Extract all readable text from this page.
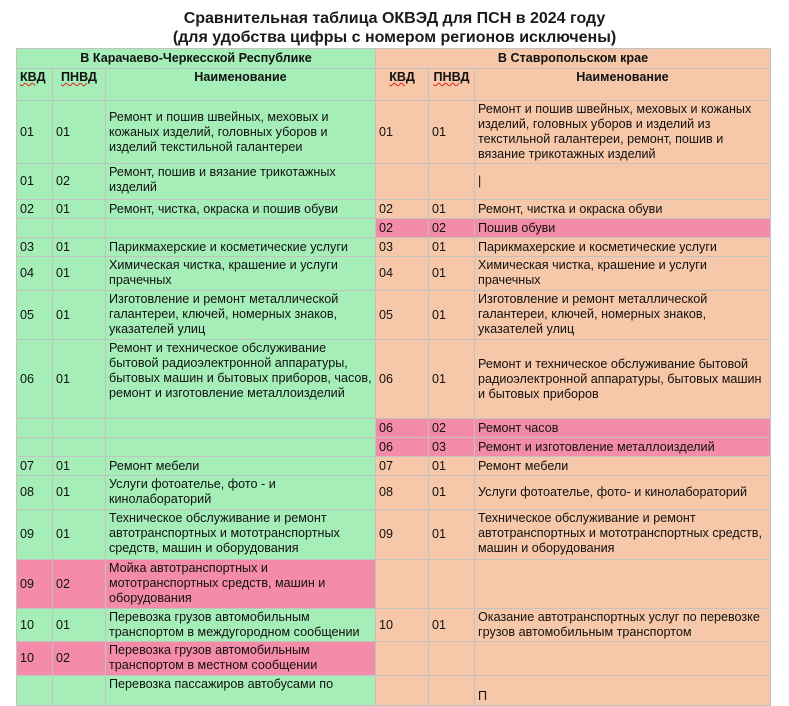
Сравнительная таблица ОКВЭД для ПСН в 2024 году
(для удобства цифры с номером регионов исключены)
В Карачаево-Черкесской Республике			В Ставропольском крае		
КВД	ПНВД	Наименование	КВД	ПНВД	Наименование
01	01	Ремонт и пошив швейных, меховых и кожаных изделий, головных уборов и изделий текстильной галантереи	01	01	Ремонт и пошив швейных, меховых и кожаных изделий, головных уборов и изделий из текстильной галантереи, ремонт, пошив и вязание трикотажных изделий
01	02	Ремонт, пошив и вязание трикотажных изделий			|
02	01	Ремонт, чистка, окраска и пошив обуви	02	01	Ремонт, чистка и окраска обуви
			02	02	Пошив обуви
03	01	Парикмахерские и косметические услуги	03	01	Парикмахерские и косметические услуги
04	01	Химическая чистка, крашение и услуги прачечных	04	01	Химическая чистка, крашение и услуги прачечных
05	01	Изготовление и ремонт металлической галантереи, ключей, номерных знаков, указателей улиц	05	01	Изготовление и ремонт металлической галантереи, ключей, номерных знаков, указателей улиц
06	01	Ремонт и техническое обслуживание бытовой радиоэлектронной аппаратуры, бытовых машин и бытовых приборов, часов, ремонт и изготовление металлоизделий	06	01	Ремонт и техническое обслуживание бытовой радиоэлектронной аппаратуры, бытовых машин и бытовых приборов
			06	02	Ремонт часов
			06	03	Ремонт и изготовление металлоизделий
07	01	Ремонт мебели	07	01	Ремонт мебели
08	01	Услуги фотоателье, фото - и кинолабораторий	08	01	Услуги фотоателье, фото- и кинолабораторий
09	01	Техническое обслуживание и ремонт автотранспортных и мототранспортных средств, машин и оборудования	09	01	Техническое обслуживание и ремонт автотранспортных и мототранспортных средств, машин и оборудования
09	02	Мойка автотранспортных и мототранспортных средств, машин и оборудования			
10	01	Перевозка грузов автомобильным транспортом в междугородном сообщении	10	01	Оказание автотранспортных услуг по перевозке грузов автомобильным транспортом
10	02	Перевозка грузов автомобильным транспортом в местном сообщении			
		Перевозка пассажиров автобусами по			П
